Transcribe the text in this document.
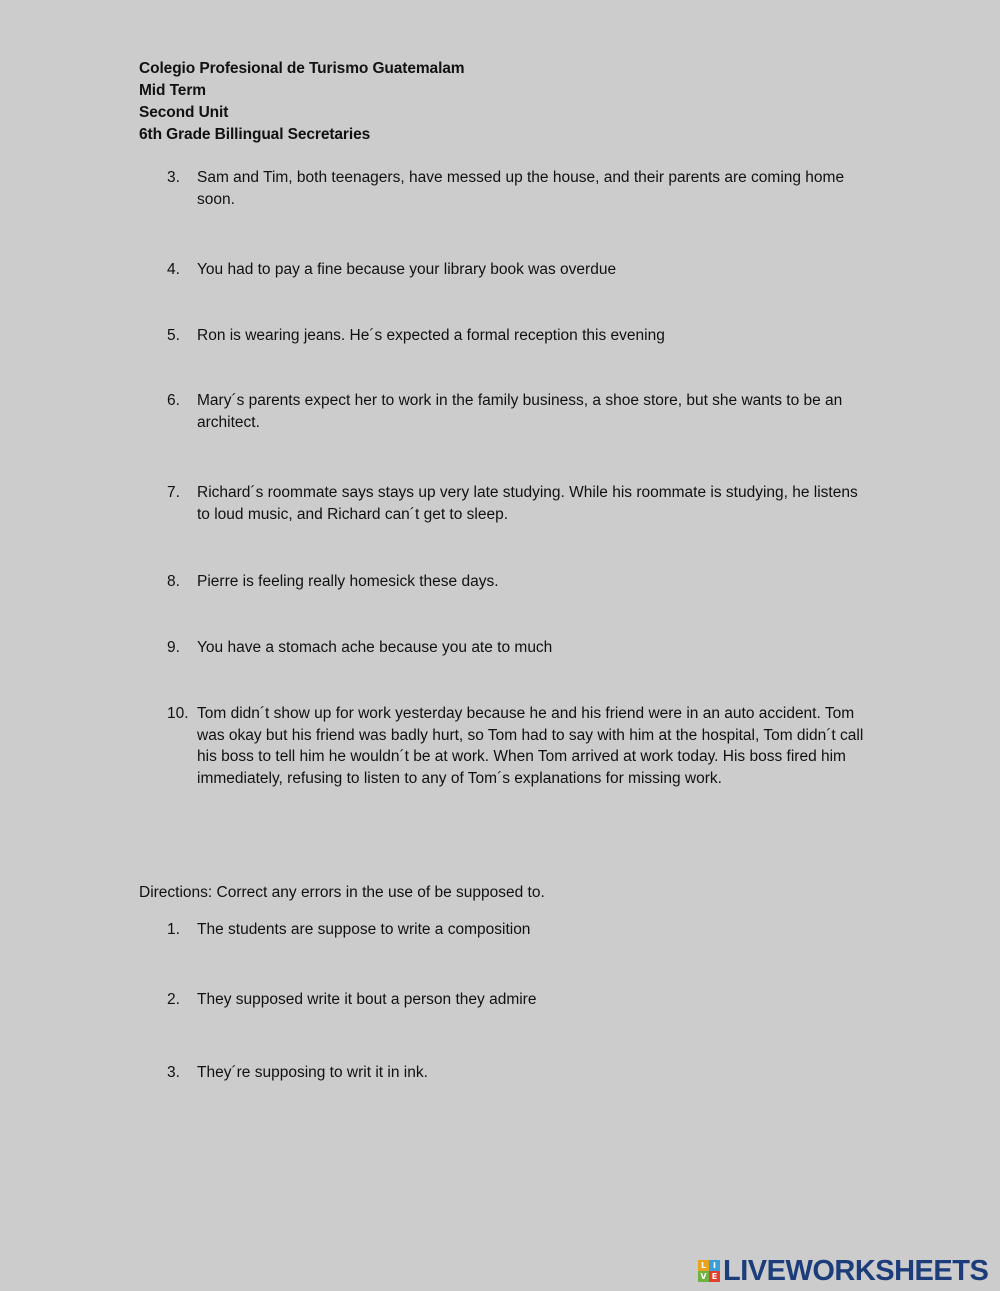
Colegio Profesional de Turismo Guatemalam
Mid Term
Second Unit
6th Grade Billingual Secretaries
3.	Sam and Tim, both teenagers, have messed up the house, and their parents are coming home soon.
4.	You had to pay a fine because your library book was overdue
5.	Ron is wearing jeans. He´s expected a formal reception this evening
6.	Mary´s parents expect her to work in the family business, a shoe store, but she wants to be an architect.
7.	Richard´s roommate says stays up very late studying. While his roommate is studying, he listens to loud music, and Richard can´t get to sleep.
8.	Pierre is feeling really homesick these days.
9.	You have a stomach ache because you ate to much
10. Tom didn´t show up for work yesterday because he and his friend were in an auto accident. Tom was okay but his friend was badly hurt, so Tom had to say with him at the hospital, Tom didn´t call his boss to tell him he wouldn´t be at work. When Tom arrived at work today. His boss fired him immediately, refusing to listen to any of Tom´s explanations for missing work.
Directions: Correct any errors in the use of be supposed to.
1.	The students are suppose to write a composition
2.	They supposed write it bout a person they admire
3.	They´re supposing to writ it in ink.
L I
V E LIVEWORKSHEETS
